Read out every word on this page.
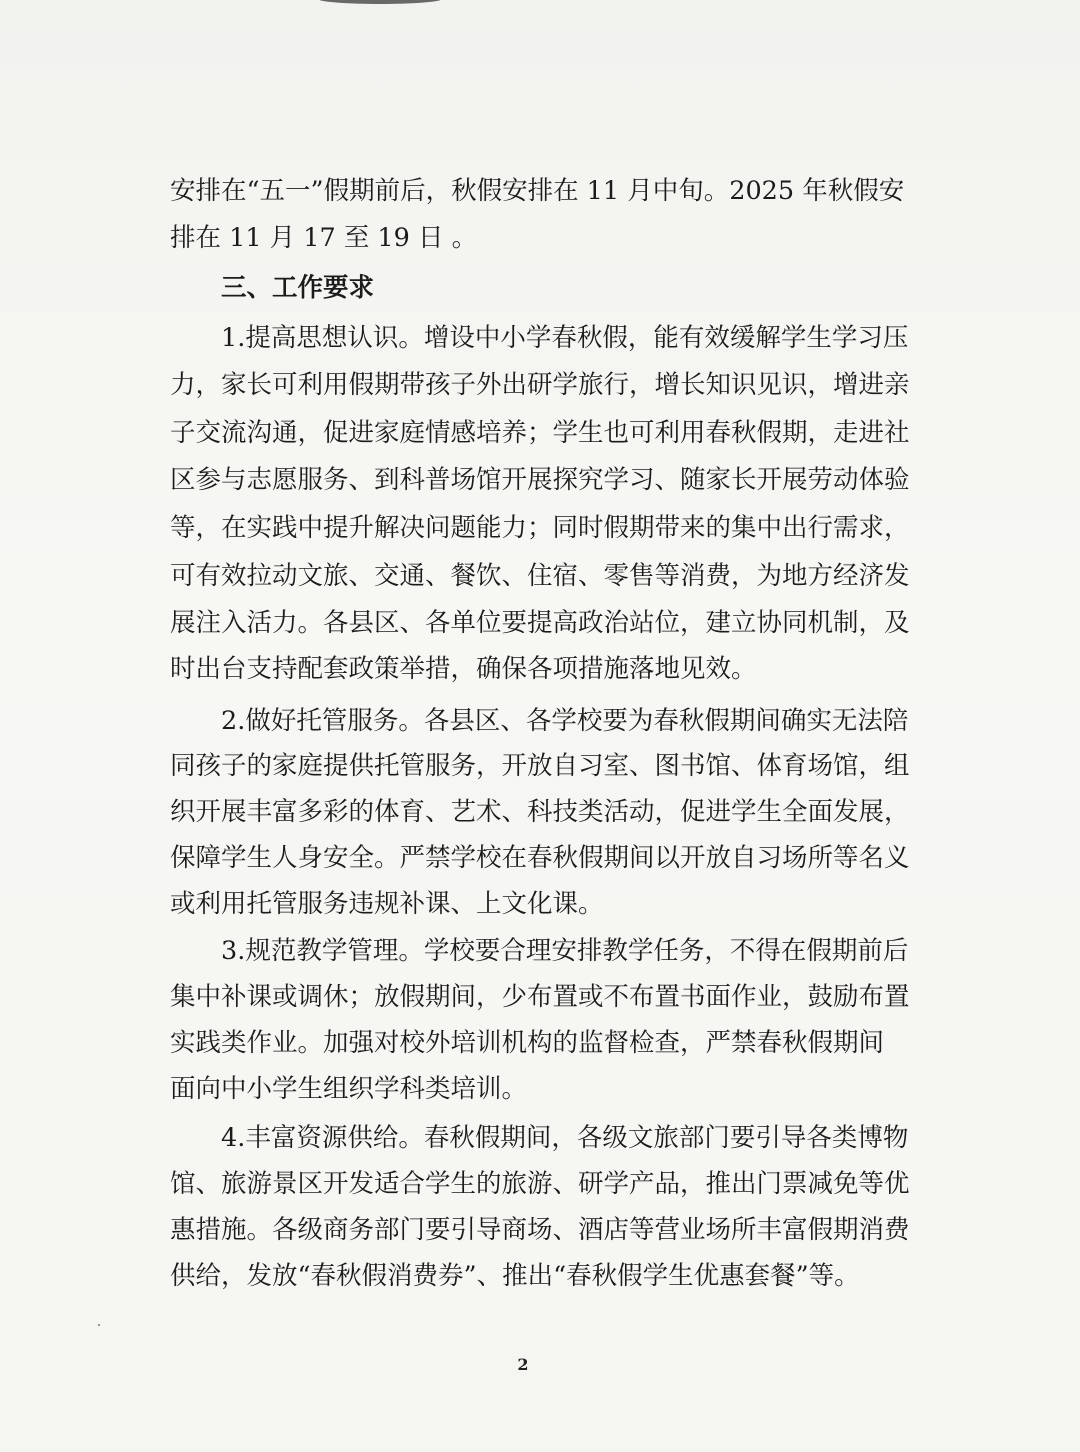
安排在“五一”假期前后，秋假安排在 11 月中旬。2025 年秋假安
排在 11 月 17 至 19 日 。
三、工作要求
1.提高思想认识。增设中小学春秋假，能有效缓解学生学习压
力，家长可利用假期带孩子外出研学旅行，增长知识见识，增进亲
子交流沟通，促进家庭情感培养；学生也可利用春秋假期，走进社
区参与志愿服务、到科普场馆开展探究学习、随家长开展劳动体验
等，在实践中提升解决问题能力；同时假期带来的集中出行需求，
可有效拉动文旅、交通、餐饮、住宿、零售等消费，为地方经济发
展注入活力。各县区、各单位要提高政治站位，建立协同机制，及
时出台支持配套政策举措，确保各项措施落地见效。
2.做好托管服务。各县区、各学校要为春秋假期间确实无法陪
同孩子的家庭提供托管服务，开放自习室、图书馆、体育场馆，组
织开展丰富多彩的体育、艺术、科技类活动，促进学生全面发展，
保障学生人身安全。严禁学校在春秋假期间以开放自习场所等名义
或利用托管服务违规补课、上文化课。
3.规范教学管理。学校要合理安排教学任务，不得在假期前后
集中补课或调休；放假期间，少布置或不布置书面作业，鼓励布置
实践类作业。加强对校外培训机构的监督检查，严禁春秋假期间
面向中小学生组织学科类培训。
4.丰富资源供给。春秋假期间，各级文旅部门要引导各类博物
馆、旅游景区开发适合学生的旅游、研学产品，推出门票减免等优
惠措施。各级商务部门要引导商场、酒店等营业场所丰富假期消费
供给，发放“春秋假消费券”、推出“春秋假学生优惠套餐”等。
2
